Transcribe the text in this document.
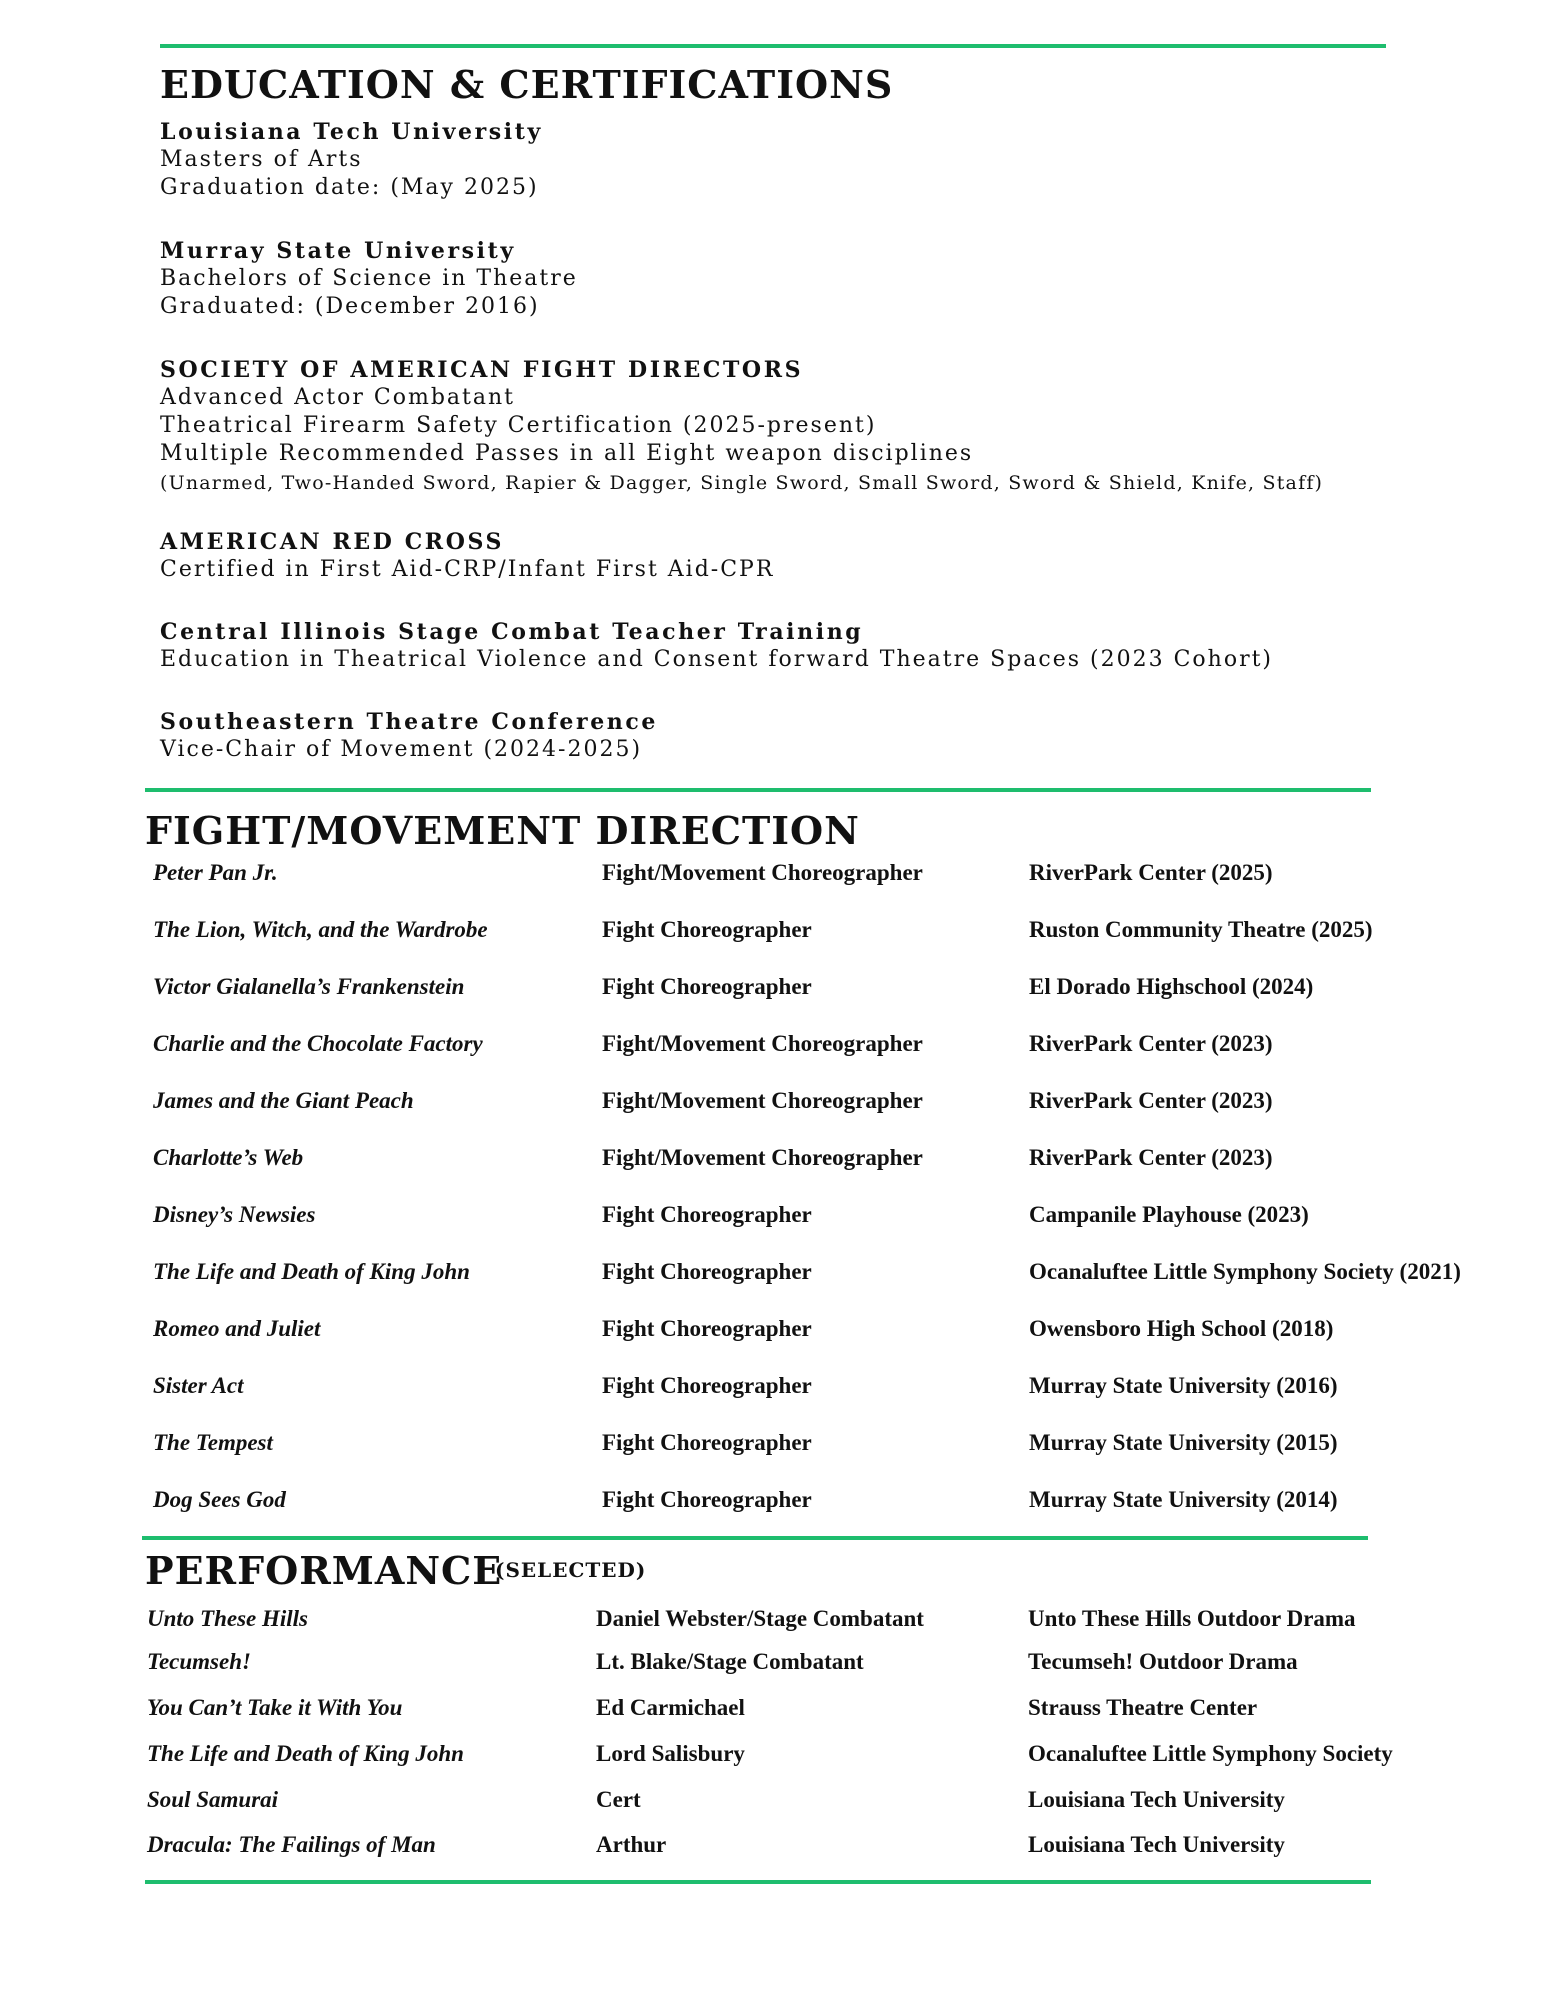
EDUCATION & CERTIFICATIONS
Louisiana Tech University
Masters of Arts
Graduation date: (May 2025)
Murray State University
Bachelors of Science in Theatre
Graduated: (December 2016)
SOCIETY OF AMERICAN FIGHT DIRECTORS
Advanced Actor Combatant
Theatrical Firearm Safety Certification (2025-present)
Multiple Recommended Passes in all Eight weapon disciplines
(Unarmed, Two-Handed Sword, Rapier & Dagger, Single Sword, Small Sword, Sword & Shield, Knife, Staff)
AMERICAN RED CROSS
Certified in First Aid-CRP/Infant First Aid-CPR
Central Illinois Stage Combat Teacher Training
Education in Theatrical Violence and Consent forward Theatre Spaces (2023 Cohort)
Southeastern Theatre Conference
Vice-Chair of Movement (2024-2025)
FIGHT/MOVEMENT DIRECTION
Peter Pan Jr.	Fight/Movement Choreographer	RiverPark Center (2025)
The Lion, Witch, and the Wardrobe	Fight Choreographer	Ruston Community Theatre (2025)
Victor Gialanella’s Frankenstein	Fight Choreographer	El Dorado Highschool (2024)
Charlie and the Chocolate Factory	Fight/Movement Choreographer	RiverPark Center (2023)
James and the Giant Peach	Fight/Movement Choreographer	RiverPark Center (2023)
Charlotte’s Web	Fight/Movement Choreographer	RiverPark Center (2023)
Disney’s Newsies	Fight Choreographer	Campanile Playhouse (2023)
The Life and Death of King John	Fight Choreographer	Ocanaluftee Little Symphony Society (2021)
Romeo and Juliet	Fight Choreographer	Owensboro High School (2018)
Sister Act	Fight Choreographer	Murray State University (2016)
The Tempest	Fight Choreographer	Murray State University (2015)
Dog Sees God	Fight Choreographer	Murray State University (2014)
PERFORMANCE
(SELECTED)
Unto These Hills	Daniel Webster/Stage Combatant	Unto These Hills Outdoor Drama
Tecumseh!	Lt. Blake/Stage Combatant	Tecumseh! Outdoor Drama
You Can’t Take it With You	Ed Carmichael	Strauss Theatre Center
The Life and Death of King John	Lord Salisbury	Ocanaluftee Little Symphony Society
Soul Samurai	Cert	Louisiana Tech University
Dracula: The Failings of Man	Arthur	Louisiana Tech University
